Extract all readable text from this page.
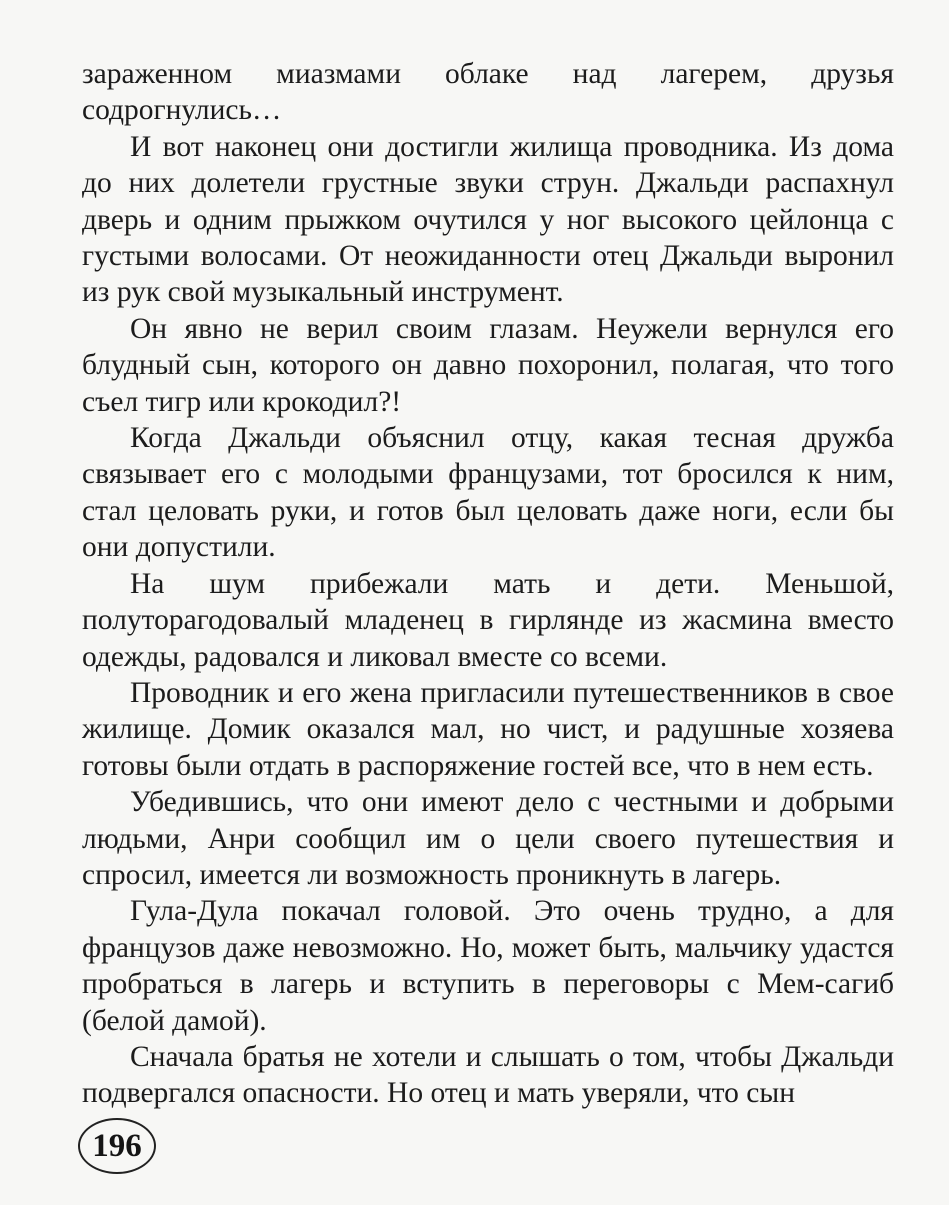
зараженном миазмами облаке над лагерем, друзья содрогнулись…

И вот наконец они достигли жилища проводника. Из дома до них долетели грустные звуки струн. Джальди распахнул дверь и одним прыжком очутился у ног высокого цейлонца с густыми волосами. От неожиданности отец Джальди выронил из рук свой музыкальный инструмент.

Он явно не верил своим глазам. Неужели вернулся его блудный сын, которого он давно похоронил, полагая, что того съел тигр или крокодил?!

Когда Джальди объяснил отцу, какая тесная дружба связывает его с молодыми французами, тот бросился к ним, стал целовать руки, и готов был целовать даже ноги, если бы они допустили.

На шум прибежали мать и дети. Меньшой, полуторагодовалый младенец в гирлянде из жасмина вместо одежды, радовался и ликовал вместе со всеми.

Проводник и его жена пригласили путешественников в свое жилище. Домик оказался мал, но чист, и радушные хозяева готовы были отдать в распоряжение гостей все, что в нем есть.

Убедившись, что они имеют дело с честными и добрыми людьми, Анри сообщил им о цели своего путешествия и спросил, имеется ли возможность проникнуть в лагерь.

Гула-Дула покачал головой. Это очень трудно, а для французов даже невозможно. Но, может быть, мальчику удастся пробраться в лагерь и вступить в переговоры с Мем-сагиб (белой дамой).

Сначала братья не хотели и слышать о том, чтобы Джальди подвергался опасности. Но отец и мать уверяли, что сын

196
